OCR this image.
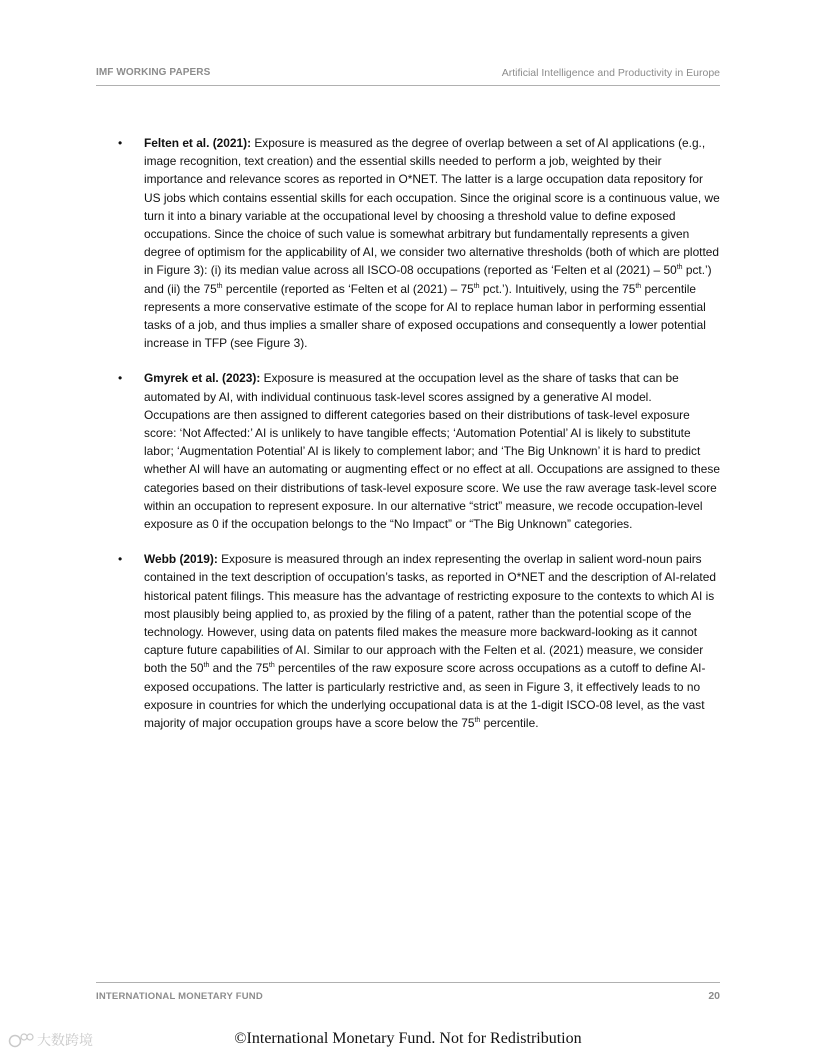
IMF WORKING PAPERS	Artificial Intelligence and Productivity in Europe
• Felten et al. (2021): Exposure is measured as the degree of overlap between a set of AI applications (e.g., image recognition, text creation) and the essential skills needed to perform a job, weighted by their importance and relevance scores as reported in O*NET. The latter is a large occupation data repository for US jobs which contains essential skills for each occupation. Since the original score is a continuous value, we turn it into a binary variable at the occupational level by choosing a threshold value to define exposed occupations. Since the choice of such value is somewhat arbitrary but fundamentally represents a given degree of optimism for the applicability of AI, we consider two alternative thresholds (both of which are plotted in Figure 3): (i) its median value across all ISCO-08 occupations (reported as ‘Felten et al (2021) – 50th pct.’) and (ii) the 75th percentile (reported as ‘Felten et al (2021) – 75th pct.’). Intuitively, using the 75th percentile represents a more conservative estimate of the scope for AI to replace human labor in performing essential tasks of a job, and thus implies a smaller share of exposed occupations and consequently a lower potential increase in TFP (see Figure 3).

• Gmyrek et al. (2023): Exposure is measured at the occupation level as the share of tasks that can be automated by AI, with individual continuous task-level scores assigned by a generative AI model. Occupations are then assigned to different categories based on their distributions of task-level exposure score: ‘Not Affected:’ AI is unlikely to have tangible effects; ‘Automation Potential’ AI is likely to substitute labor; ‘Augmentation Potential’ AI is likely to complement labor; and ‘The Big Unknown’ it is hard to predict whether AI will have an automating or augmenting effect or no effect at all. Occupations are assigned to these categories based on their distributions of task-level exposure score. We use the raw average task-level score within an occupation to represent exposure. In our alternative “strict” measure, we recode occupation-level exposure as 0 if the occupation belongs to the “No Impact” or “The Big Unknown” categories.

• Webb (2019): Exposure is measured through an index representing the overlap in salient word-noun pairs contained in the text description of occupation’s tasks, as reported in O*NET and the description of AI-related historical patent filings. This measure has the advantage of restricting exposure to the contexts to which AI is most plausibly being applied to, as proxied by the filing of a patent, rather than the potential scope of the technology. However, using data on patents filed makes the measure more backward-looking as it cannot capture future capabilities of AI. Similar to our approach with the Felten et al. (2021) measure, we consider both the 50th and the 75th percentiles of the raw exposure score across occupations as a cutoff to define AI-exposed occupations. The latter is particularly restrictive and, as seen in Figure 3, it effectively leads to no exposure in countries for which the underlying occupational data is at the 1-digit ISCO-08 level, as the vast majority of major occupation groups have a score below the 75th percentile.

INTERNATIONAL MONETARY FUND	20
大数跨境	©International Monetary Fund. Not for Redistribution
